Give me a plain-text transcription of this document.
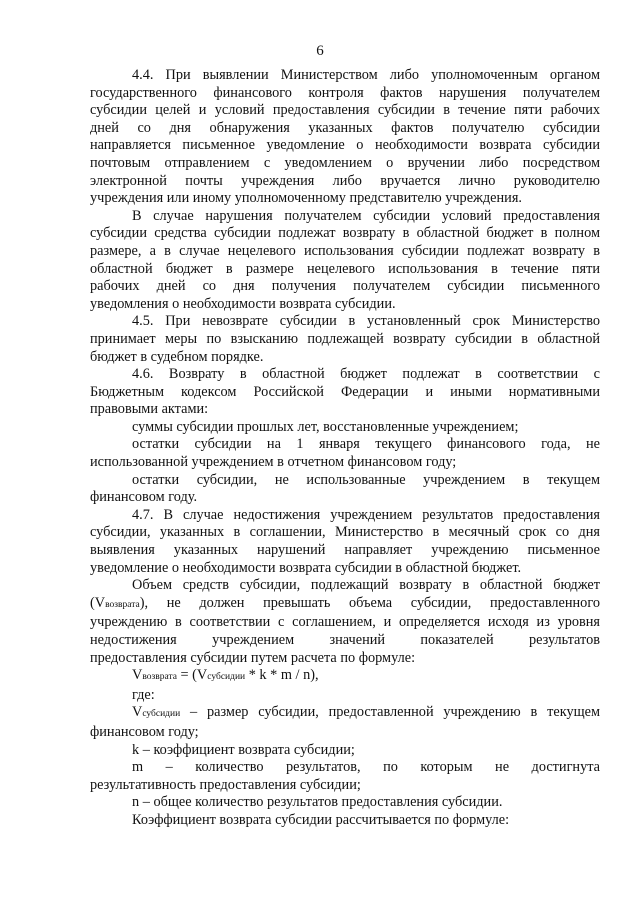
6

4.4. При выявлении Министерством либо уполномоченным органом

государственного финансового контроля фактов нарушения получателем

субсидии целей и условий предоставления субсидии в течение пяти рабочих

дней со дня обнаружения указанных фактов получателю субсидии

направляется письменное уведомление о необходимости возврата субсидии

почтовым отправлением с уведомлением о вручении либо посредством

электронной почты учреждения либо вручается лично руководителю

учреждения или иному уполномоченному представителю учреждения.

В случае нарушения получателем субсидии условий предоставления

субсидии средства субсидии подлежат возврату в областной бюджет в полном

размере, а в случае нецелевого использования субсидии подлежат возврату в

областной бюджет в размере нецелевого использования в течение пяти

рабочих дней со дня получения получателем субсидии письменного

уведомления о необходимости возврата субсидии.

4.5. При невозврате субсидии в установленный срок Министерство

принимает меры по взысканию подлежащей возврату субсидии в областной

бюджет в судебном порядке.

4.6. Возврату в областной бюджет подлежат в соответствии с

Бюджетным кодексом Российской Федерации и иными нормативными

правовыми актами:

суммы субсидии прошлых лет, восстановленные учреждением;

остатки субсидии на 1 января текущего финансового года, не

использованной учреждением в отчетном финансовом году;

остатки субсидии, не использованные учреждением в текущем

финансовом году.

4.7. В случае недостижения учреждением результатов предоставления

субсидии, указанных в соглашении, Министерство в месячный срок со дня

выявления указанных нарушений направляет учреждению письменное

уведомление о необходимости возврата субсидии в областной бюджет.

Объем средств субсидии, подлежащий возврату в областной бюджет

(Vвозврата), не должен превышать объема субсидии, предоставленного

учреждению в соответствии с соглашением, и определяется исходя из уровня

недостижения учреждением значений показателей результатов

предоставления субсидии путем расчета по формуле:

Vвозврата = (Vсубсидии * k * m / n),

где:

Vсубсидии – размер субсидии, предоставленной учреждению в текущем

финансовом году;

k – коэффициент возврата субсидии;

m – количество результатов, по которым не достигнута

результативность предоставления субсидии;

n – общее количество результатов предоставления субсидии.

Коэффициент возврата субсидии рассчитывается по формуле:
